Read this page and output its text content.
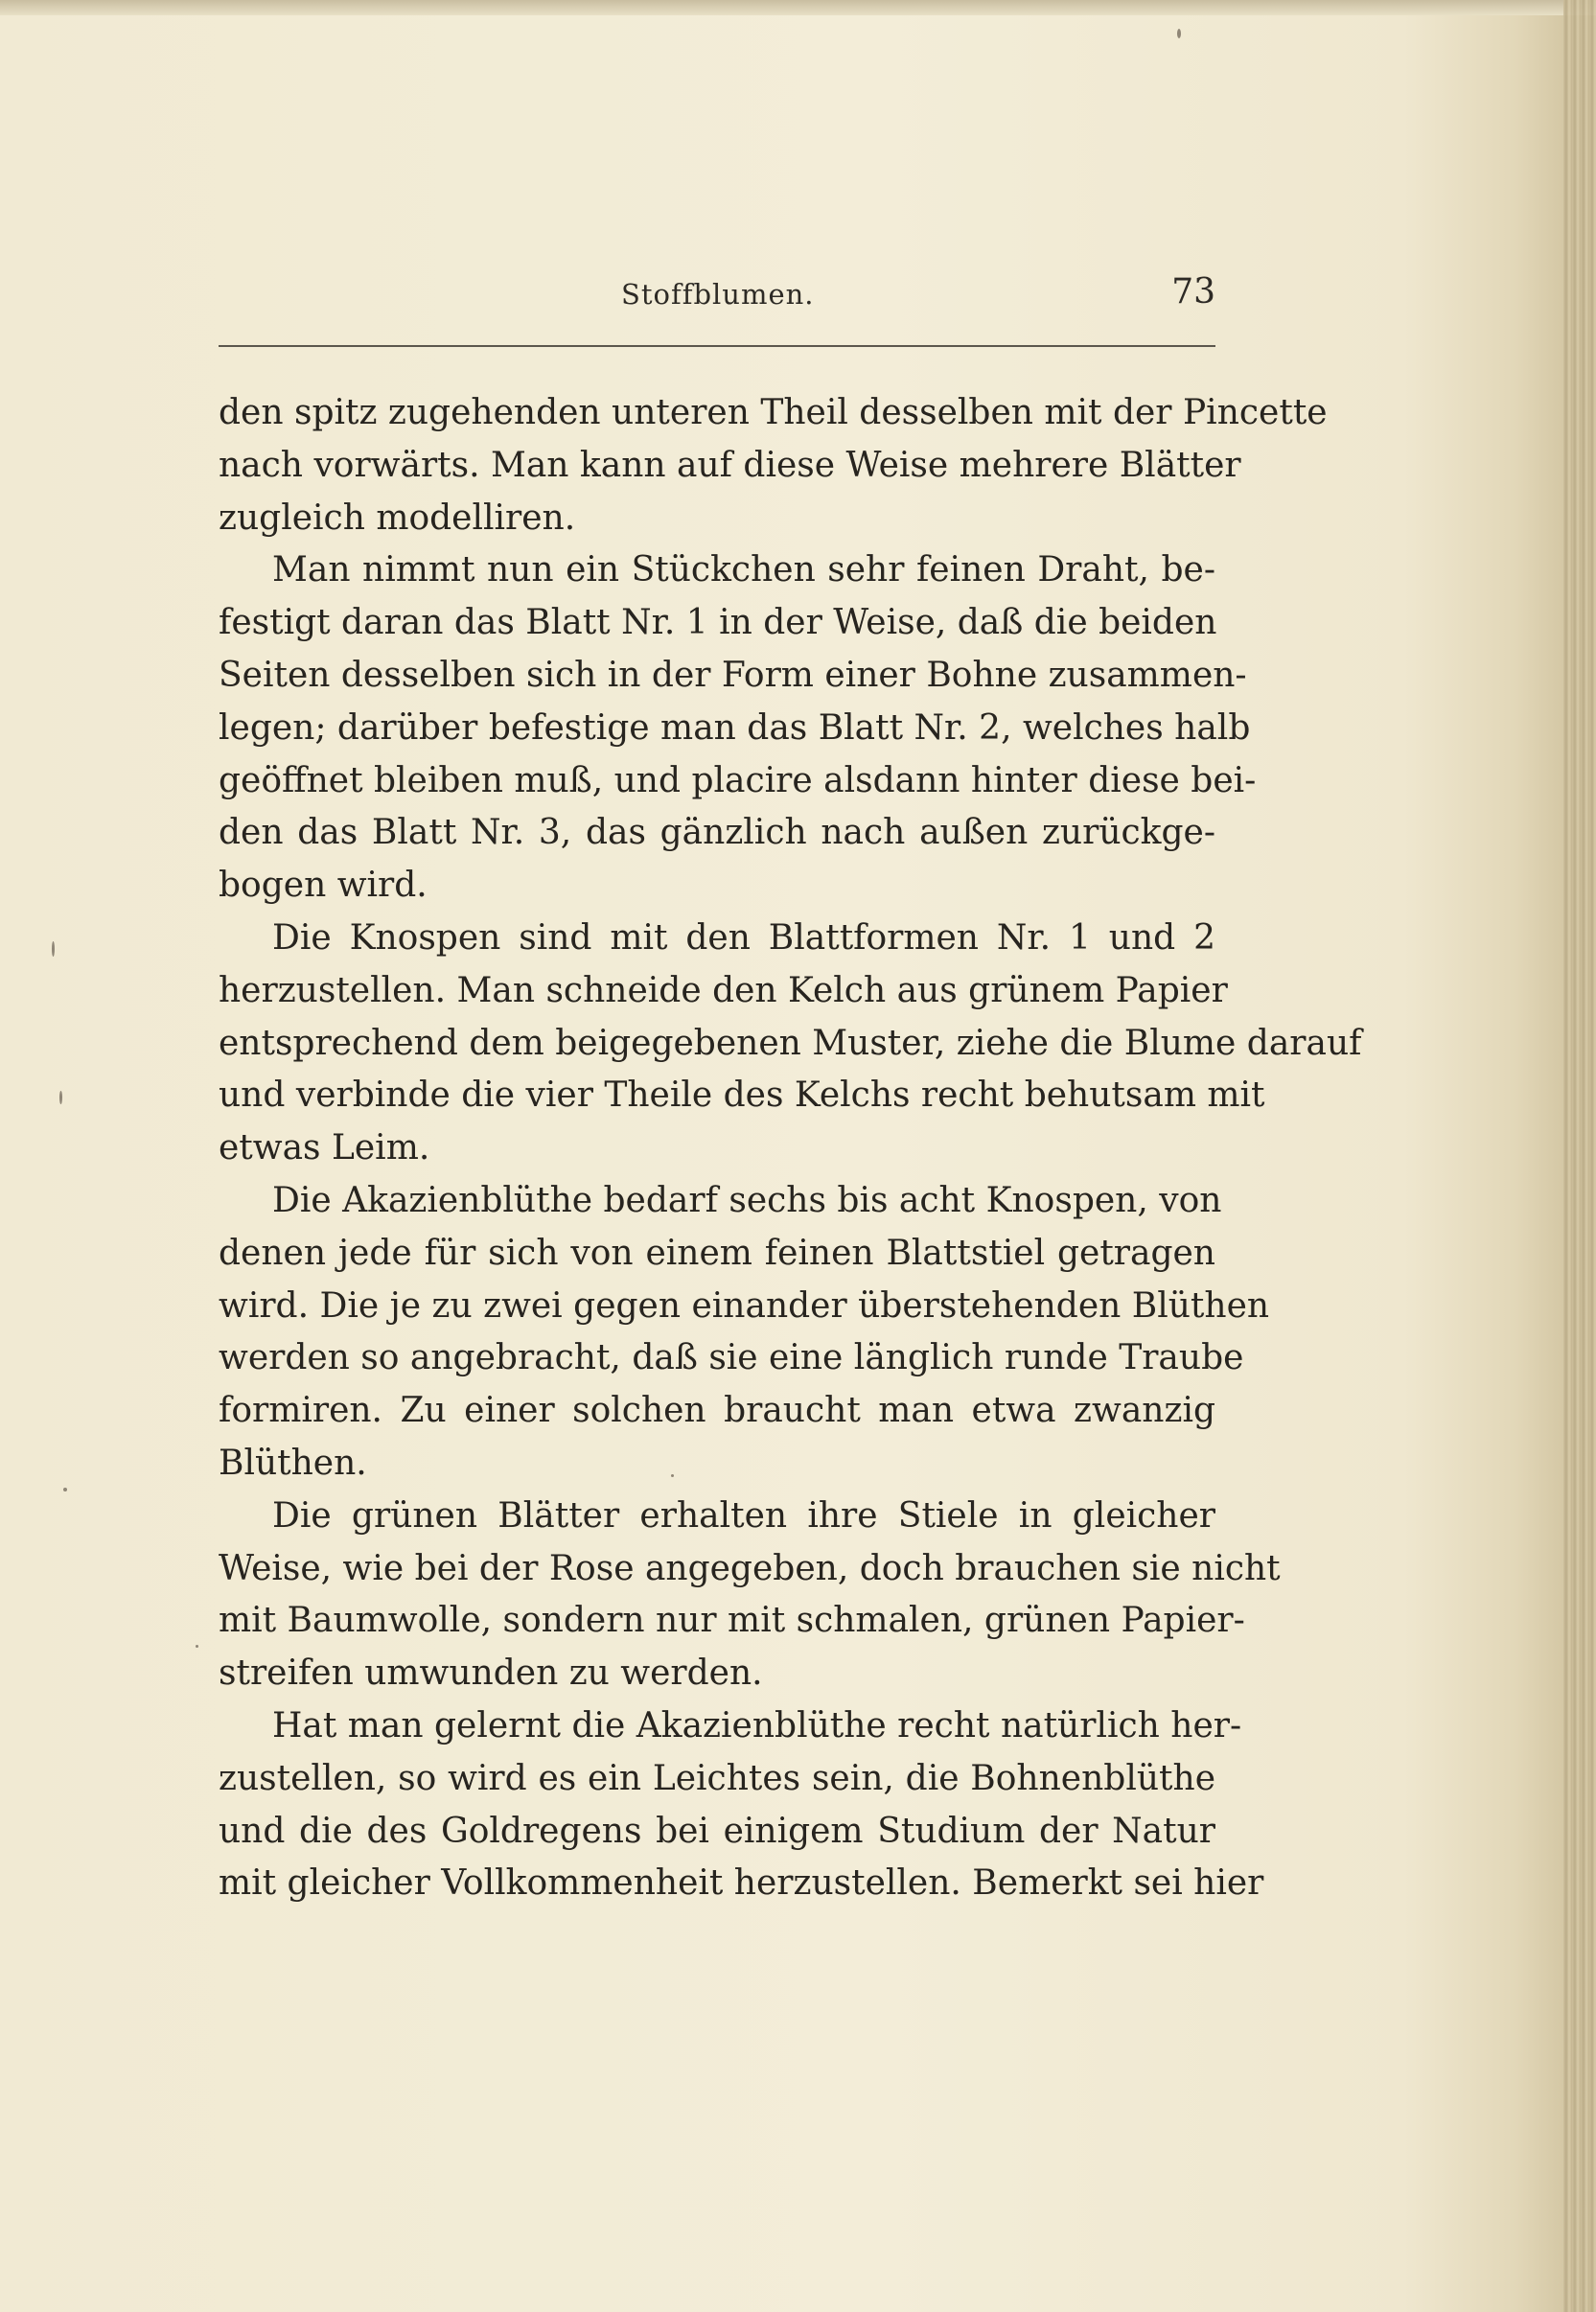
Stoffblumen.	73
den spitz zugehenden unteren Theil desselben mit der Pincette
nach vorwärts. Man kann auf diese Weise mehrere Blätter
zugleich modelliren.
Man nimmt nun ein Stückchen sehr feinen Draht, be-
festigt daran das Blatt Nr. 1 in der Weise, daß die beiden
Seiten desselben sich in der Form einer Bohne zusammen-
legen; darüber befestige man das Blatt Nr. 2, welches halb
geöffnet bleiben muß, und placire alsdann hinter diese bei-
den das Blatt Nr. 3, das gänzlich nach außen zurückge-
bogen wird.
Die Knospen sind mit den Blattformen Nr. 1 und 2
herzustellen. Man schneide den Kelch aus grünem Papier
entsprechend dem beigegebenen Muster, ziehe die Blume darauf
und verbinde die vier Theile des Kelchs recht behutsam mit
etwas Leim.
Die Akazienblüthe bedarf sechs bis acht Knospen, von
denen jede für sich von einem feinen Blattstiel getragen
wird. Die je zu zwei gegen einander überstehenden Blüthen
werden so angebracht, daß sie eine länglich runde Traube
formiren. Zu einer solchen braucht man etwa zwanzig
Blüthen.
Die grünen Blätter erhalten ihre Stiele in gleicher
Weise, wie bei der Rose angegeben, doch brauchen sie nicht
mit Baumwolle, sondern nur mit schmalen, grünen Papier-
streifen umwunden zu werden.
Hat man gelernt die Akazienblüthe recht natürlich her-
zustellen, so wird es ein Leichtes sein, die Bohnenblüthe
und die des Goldregens bei einigem Studium der Natur
mit gleicher Vollkommenheit herzustellen. Bemerkt sei hier
